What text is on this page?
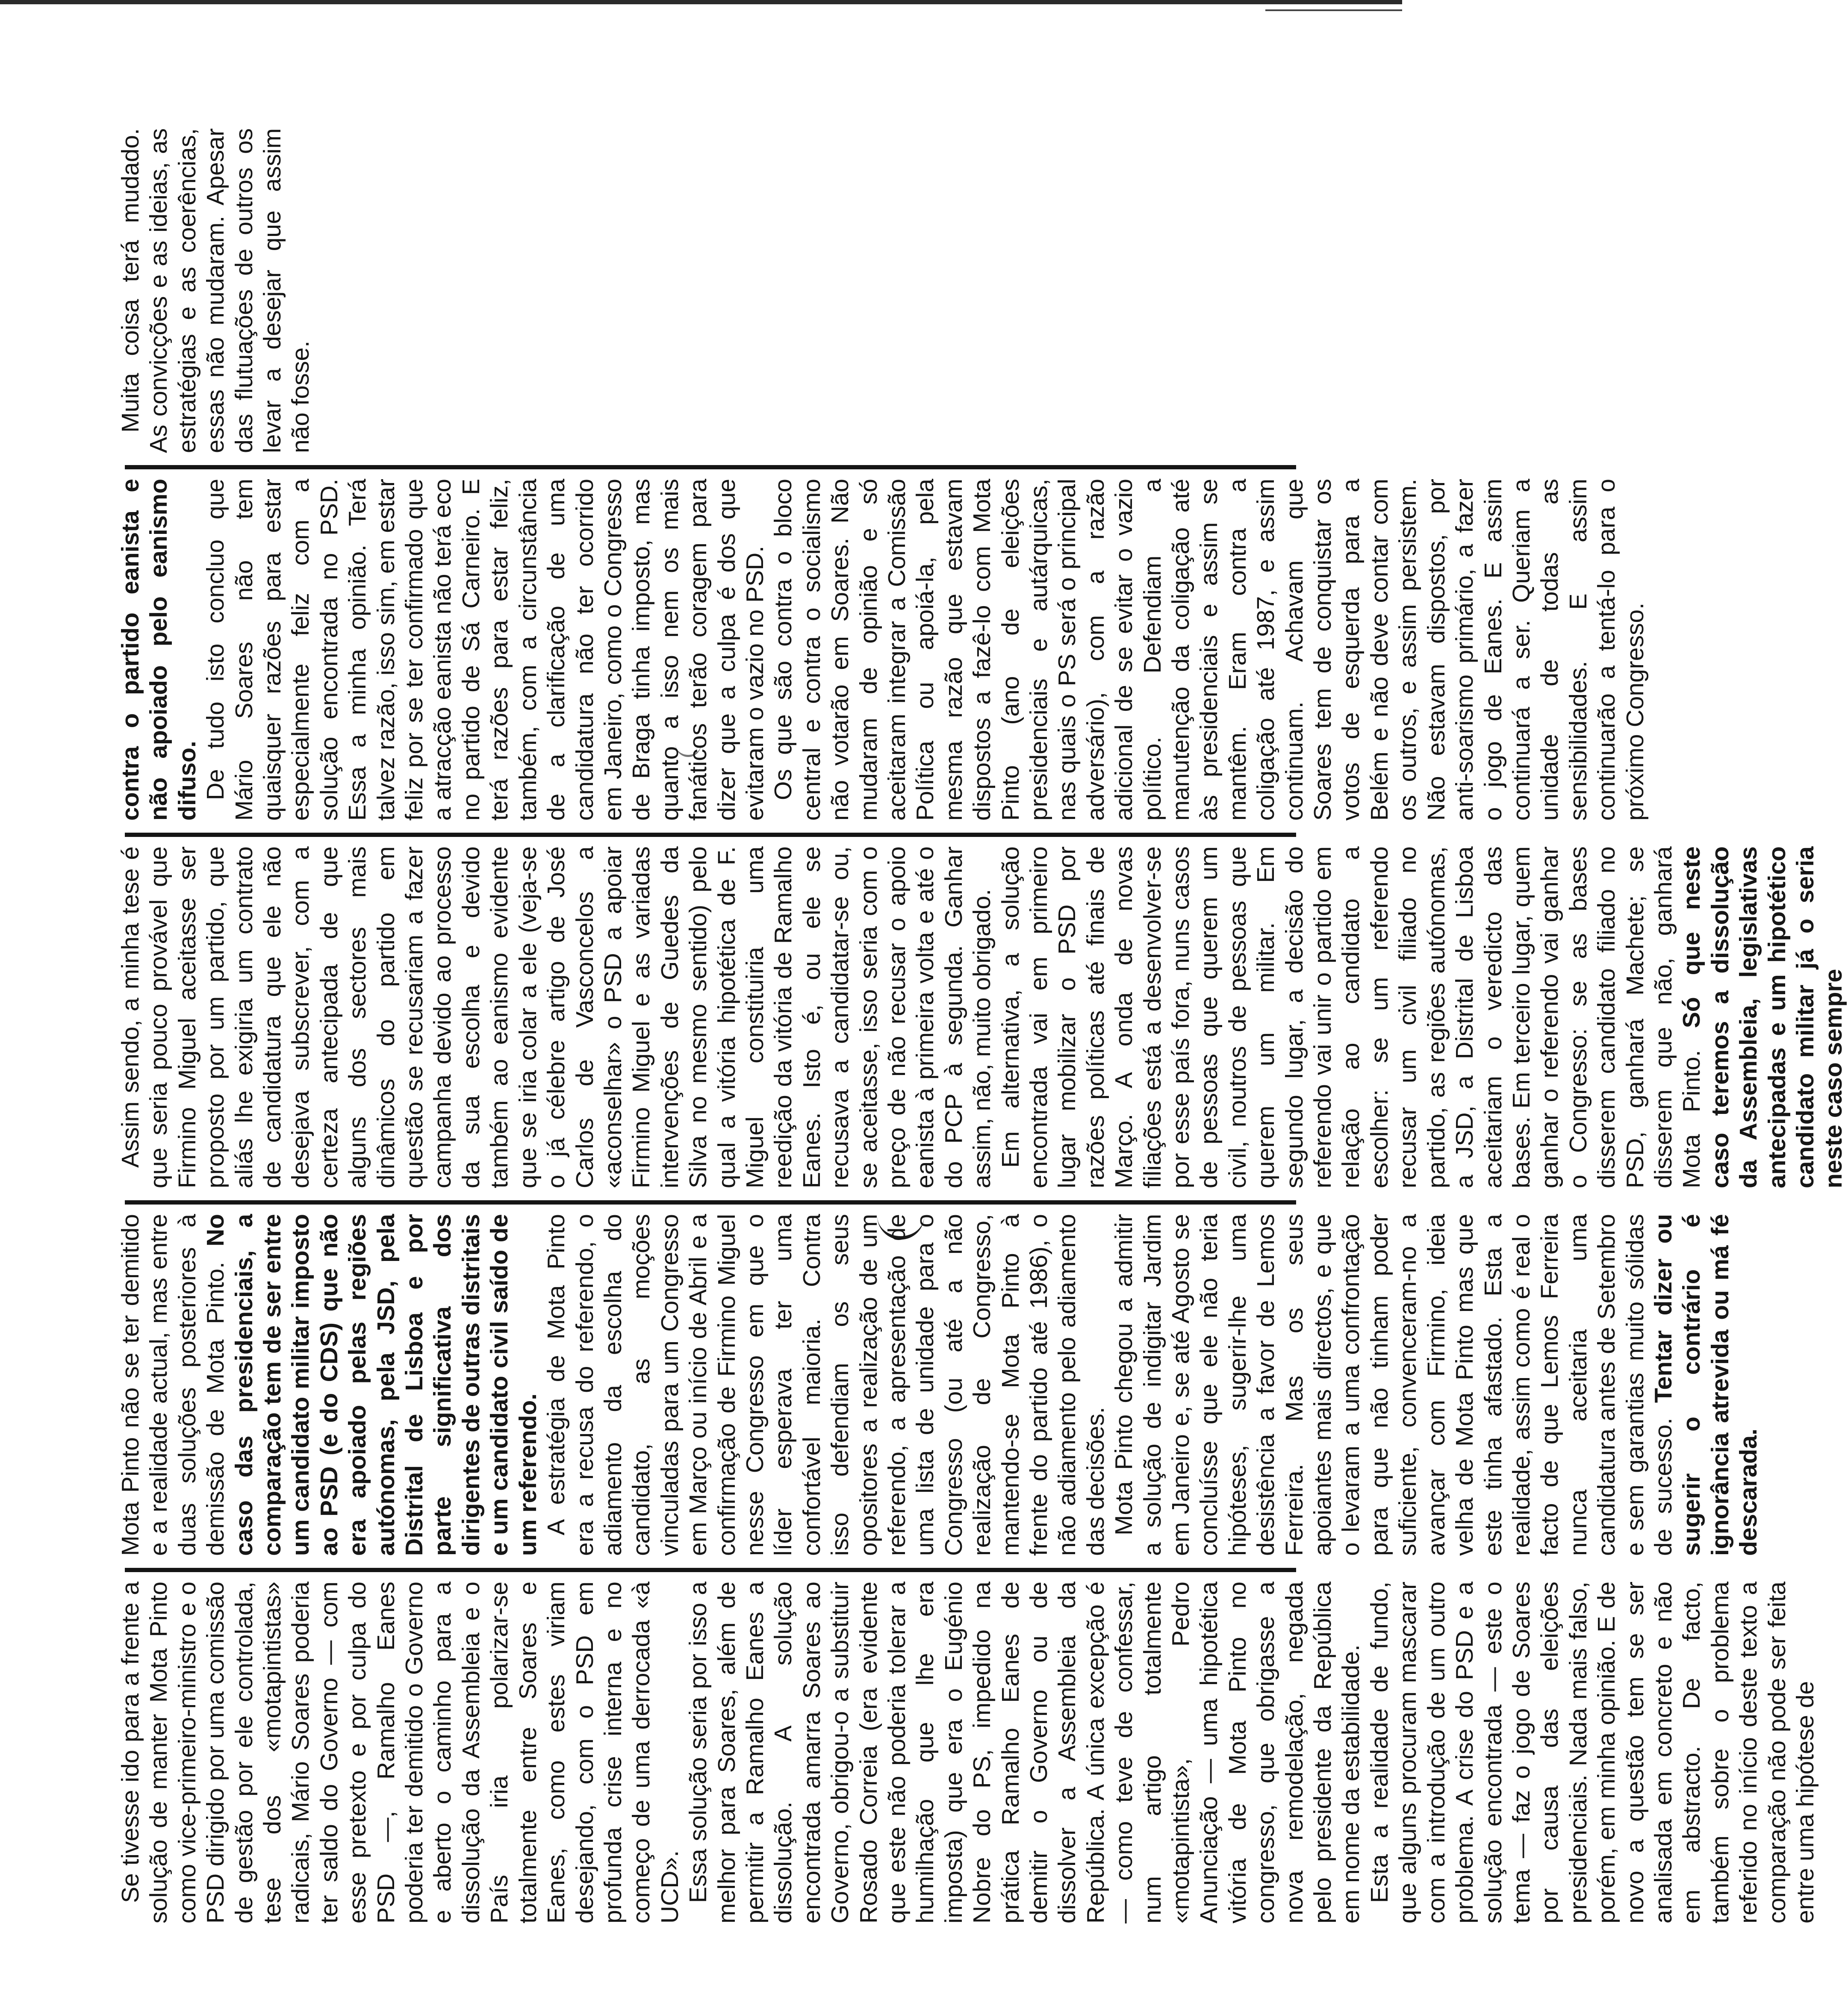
Se tivesse ido para a frente a solução de manter Mota Pinto como vice-primeiro-ministro e o PSD dirigido por uma comissão de gestão por ele controlada, tese dos «motapintistas» radicais, Mário Soares poderia ter saldo do Governo — com esse pretexto e por culpa do PSD —, Ramalho Eanes poderia ter demitido o Governo e aberto o caminho para a dissolução da Assembleia e o País iria polarizar-se totalmente entre Soares e Eanes, como estes viriam desejando, com o PSD em profunda crise interna e no começo de uma derrocada «à UCD». Essa solução seria por isso a melhor para Soares, além de permitir a Ramalho Eanes a dissolução. A solução encontrada amarra Soares ao Governo, obrigou-o a substituir Rosado Correia (era evidente que este não poderia tolerar a humilhação que lhe era imposta) que era o Eugénio Nobre do PS, impedido na prática Ramalho Eanes de demitir o Governo ou de dissolver a Assembleia da República. A única excepção é — como teve de confessar, num artigo totalmente «motapintista», Pedro Anunciação — uma hipotética vitória de Mota Pinto no congresso, que obrigasse a nova remodelação, negada pelo presidente da República em nome da estabilidade. Esta a realidade de fundo, que alguns procuram mascarar com a introdução de um outro problema. A crise do PSD e a solução encontrada — este o tema — faz o jogo de Soares por causa das eleições presidenciais. Nada mais falso, porém, em minha opinião. E de novo a questão tem se ser analisada em concreto e não em abstracto. De facto, também sobre o problema referido no início deste texto a comparação não pode ser feita entre uma hipótese de

Mota Pinto não se ter demitido e a realidade actual, mas entre duas soluções posteriores à demissão de Mota Pinto. No caso das presidenciais, a comparação tem de ser entre um candidato militar imposto ao PSD (e do CDS) que não era apoiado pelas regiões autónomas, pela JSD, pela Distrital de Lisboa e por parte significativa dos dirigentes de outras distritais e um candidato civil saído de um referendo. A estratégia de Mota Pinto era a recusa do referendo, o adiamento da escolha do candidato, as moções vinculadas para um Congresso em Março ou início de Abril e a confirmação de Firmino Miguel nesse Congresso em que o líder esperava ter uma confortável maioria. Contra isso defendiam os seus opositores a realização de um referendo, a apresentação de uma lista de unidade para o Congresso (ou até a não realização de Congresso, mantendo-se Mota Pinto à frente do partido até 1986), o não adiamento pelo adiamento das decisões. Mota Pinto chegou a admitir a solução de indigitar Jardim em Janeiro e, se até Agosto se concluísse que ele não teria hipóteses, sugerir-lhe uma desistência a favor de Lemos Ferreira. Mas os seus apoiantes mais directos, e que o levaram a uma confrontação para que não tinham poder suficiente, convenceram-no a avançar com Firmino, ideia velha de Mota Pinto mas que este tinha afastado. Esta a realidade, assim como é real o facto de que Lemos Ferreira nunca aceitaria uma candidatura antes de Setembro e sem garantias muito sólidas de sucesso. Tentar dizer ou sugerir o contrário é ignorância atrevida ou má fé descarada.

Assim sendo, a minha tese é que seria pouco provável que Firmino Miguel aceitasse ser proposto por um partido, que aliás lhe exigiria um contrato de candidatura que ele não desejava subscrever, com a certeza antecipada de que alguns dos sectores mais dinâmicos do partido em questão se recusariam a fazer campanha devido ao processo da sua escolha e devido também ao eanismo evidente que se iria colar a ele (veja-se o já célebre artigo de José Carlos de Vasconcelos a «aconselhar» o PSD a apoiar Firmino Miguel e as variadas intervenções de Guedes da Silva no mesmo sentido) pelo qual a vitória hipotética de F. Miguel constituiria uma reedição da vitória de Ramalho Eanes. Isto é, ou ele se recusava a candidatar-se ou, se aceitasse, isso seria com o preço de não recusar o apoio eanista à primeira volta e até o do PCP à segunda. Ganhar assim, não, muito obrigado. Em alternativa, a solução encontrada vai em primeiro lugar mobilizar o PSD por razões políticas até finais de Março. A onda de novas filiações está a desenvolver-se por esse país fora, nuns casos de pessoas que querem um civil, noutros de pessoas que querem um militar. Em segundo lugar, a decisão do referendo vai unir o partido em relação ao candidato a escolher: se um referendo recusar um civil filiado no partido, as regiões autónomas, a JSD, a Distrital de Lisboa aceitariam o veredicto das bases. Em terceiro lugar, quem ganhar o referendo vai ganhar o Congresso: se as bases disserem candidato filiado no PSD, ganhará Machete; se disserem que não, ganhará Mota Pinto. Só que neste caso teremos a dissolução da Assembleia, legislativas antecipadas e um hipotético candidato militar já o seria neste caso sempre

contra o partido eanista e não apoiado pelo eanismo difuso. De tudo isto concluo que Mário Soares não tem quaisquer razões para estar especialmente feliz com a solução encontrada no PSD. Essa a minha opinião. Terá talvez razão, isso sim, em estar feliz por se ter confirmado que a atracção eanista não terá eco no partido de Sá Carneiro. E terá razões para estar feliz, também, com a circunstância de a clarificação de uma candidatura não ter ocorrido em Janeiro, como o Congresso de Braga tinha imposto, mas quanto a isso nem os mais fanáticos terão coragem para dizer que a culpa é dos que evitaram o vazio no PSD. Os que são contra o bloco central e contra o socialismo não votarão em Soares. Não mudaram de opinião e só aceitaram integrar a Comissão Política ou apoiá-la, pela mesma razão que estavam dispostos a fazê-lo com Mota Pinto (ano de eleições presidenciais e autárquicas, nas quais o PS será o principal adversário), com a razão adicional de se evitar o vazio político. Defendiam a manutenção da coligação até às presidenciais e assim se mantêm. Eram contra a coligação até 1987, e assim continuam. Achavam que Soares tem de conquistar os votos de esquerda para a Belém e não deve contar com os outros, e assim persistem. Não estavam dispostos, por anti-soarismo primário, a fazer o jogo de Eanes. E assim continuará a ser. Queriam a unidade de todas as sensibilidades. E assim continuarão a tentá-lo para o próximo Congresso.

Muita coisa terá mudado. As convicções e as ideias, as estratégias e as coerências, essas não mudaram. Apesar das flutuações de outros os levar a desejar que assim não fosse.
